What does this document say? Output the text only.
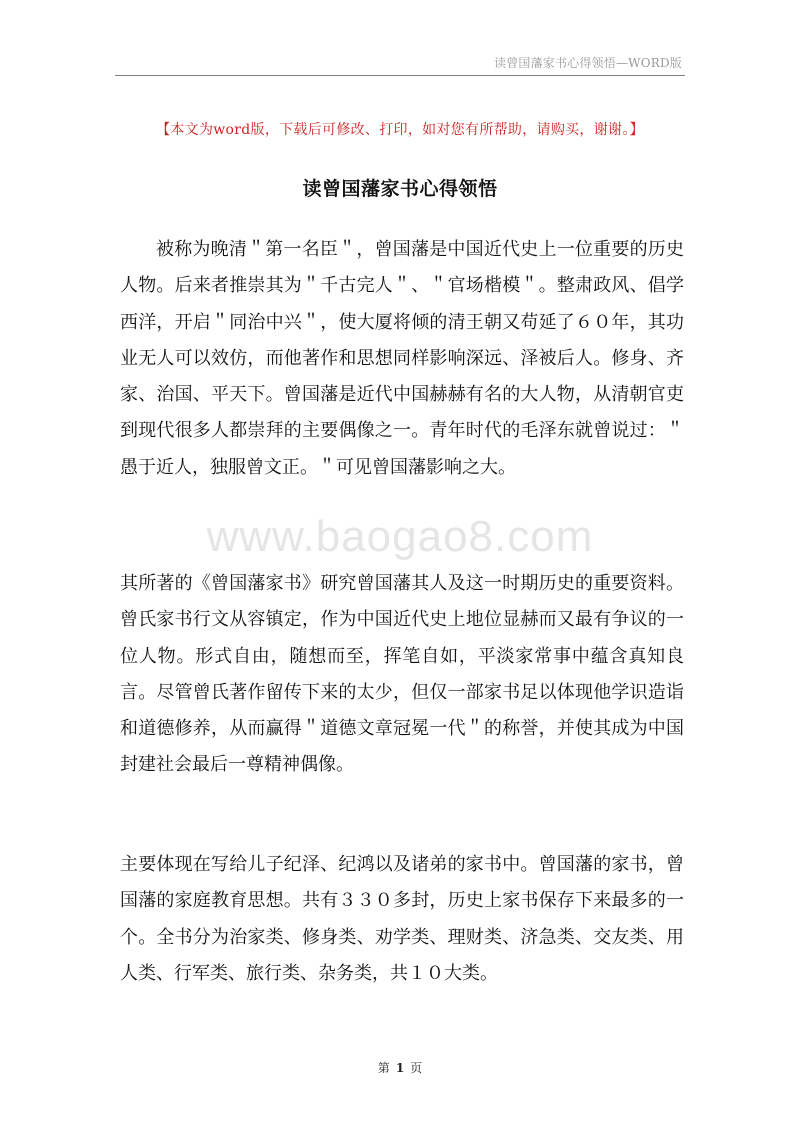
读曾国藩家书心得领悟—WORD版
【本文为word版，下载后可修改、打印，如对您有所帮助，请购买，谢谢。】
读曾国藩家书心得领悟

被称为晚清＂第一名臣＂，曾国藩是中国近代史上一位重要的历史人物。后来者推崇其为＂千古完人＂、＂官场楷模＂。整肃政风、倡学西洋，开启＂同治中兴＂，使大厦将倾的清王朝又苟延了６０年，其功业无人可以效仿，而他著作和思想同样影响深远、泽被后人。修身、齐家、治国、平天下。曾国藩是近代中国赫赫有名的大人物，从清朝官吏到现代很多人都崇拜的主要偶像之一。青年时代的毛泽东就曾说过：＂愚于近人，独服曾文正。＂可见曾国藩影响之大。

其所著的《曾国藩家书》研究曾国藩其人及这一时期历史的重要资料。曾氏家书行文从容镇定，作为中国近代史上地位显赫而又最有争议的一位人物。形式自由，随想而至，挥笔自如，平淡家常事中蕴含真知良言。尽管曾氏著作留传下来的太少，但仅一部家书足以体现他学识造诣和道德修养，从而赢得＂道德文章冠冕一代＂的称誉，并使其成为中国封建社会最后一尊精神偶像。

主要体现在写给儿子纪泽、纪鸿以及诸弟的家书中。曾国藩的家书，曾国藩的家庭教育思想。共有３３０多封，历史上家书保存下来最多的一个。全书分为治家类、修身类、劝学类、理财类、济急类、交友类、用人类、行军类、旅行类、杂务类，共１０大类。

www.baogao8.com
第 1 页
